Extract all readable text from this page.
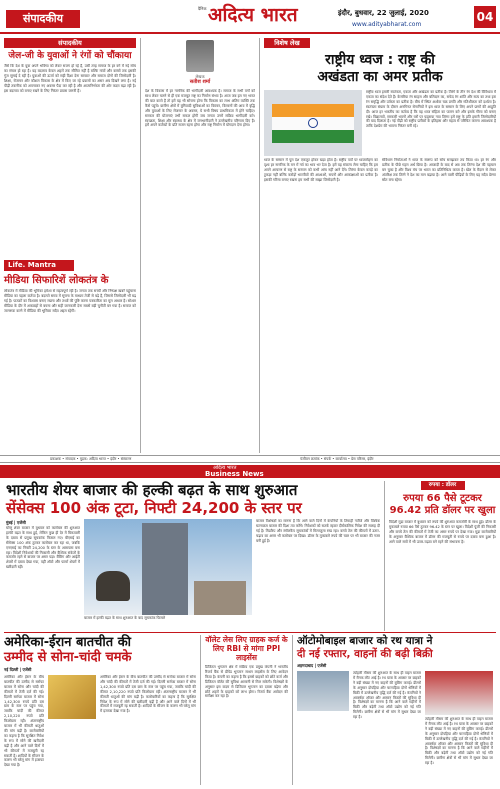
संपादकीय
दैनिक अदित्य भारत	इंदौर, बुधवार, 22 जुलाई, 2020
www.adityabharat.com
04
संपादकीय
जेल-जी के युवाओं ने रंगों को चौंकाया
जैसे कि देश के युवा अपने भविष्य को लेकर सजग हो रहे हैं, उसी तरह समाज के हर वर्ग में नई सोच का संचार हो रहा है। यह बदलाव केवल शहरों तक सीमित नहीं है बल्कि गांवों और कस्बों तक इसकी गूंज सुनाई दे रही है। युवाओं की ऊर्जा को सही दिशा देना सरकार और समाज दोनों की जिम्मेदारी है। शिक्षा, रोजगार और कौशल विकास के क्षेत्र में किए जा रहे प्रयासों का असर अब दिखने लगा है। नई पीढ़ी तकनीक को अपनाकर नए अवसर पैदा कर रही है और आत्मनिर्भरता की ओर कदम बढ़ा रही है। इस बदलाव को बनाए रखने के लिए निरंतर प्रयास जरूरी हैं।
Life. Mantra
मीडिया सिफारिशें लोकतंत्र के
लोकतंत्र में मीडिया की भूमिका हमेशा से महत्वपूर्ण रही है। जनता तक सच्ची और निष्पक्ष खबरें पहुंचाना मीडिया का पहला कर्तव्य है। बदलते समय में सूचना के माध्यम तेजी से बढ़े हैं, जिससे जिम्मेदारी भी बढ़ गई है। पाठकों का विश्वास बनाए रखना और तथ्यों की पुष्टि करना पत्रकारिता का मूल आधार है। सोशल मीडिया के दौर में अफवाहों से बचना और सही जानकारी देना सबसे बड़ी चुनौती बन गया है। समाज को जागरूक करने में मीडिया की भूमिका सदैव अहम रहेगी।
लेखक
सतीश शर्मा
देश के विकास में हर नागरिक की भागीदारी आवश्यक है। समाज के सभी वर्गों को साथ लेकर चलने से ही एक मजबूत राष्ट्र का निर्माण संभव है। आज जब हम नए भारत की बात करते हैं तो हमें यह भी सोचना होगा कि विकास का लाभ अंतिम व्यक्ति तक कैसे पहुंचे। ग्रामीण क्षेत्रों में बुनियादी सुविधाओं का विस्तार, किसानों की आय में वृद्धि और युवाओं के लिए रोजगार के अवसर, ये सभी विषय प्राथमिकता में होने चाहिए। सरकार की योजनाएं तभी सफल होंगी जब जनता उनमें सक्रिय भागीदारी करे। स्वच्छता, शिक्षा और स्वास्थ्य के क्षेत्र में जनभागीदारी ने उल्लेखनीय परिणाम दिए हैं। हमें अपने कर्तव्यों के प्रति सजग रहना होगा और राष्ट्र निर्माण में योगदान देना होगा।
विशेष लेख
राष्ट्रीय ध्वज : राष्ट्र की
अखंडता का अमर प्रतीक
राष्ट्रीय ध्वज हमारी स्वतंत्रता, एकता और अखंडता का प्रतीक है। तिरंगे के तीन रंग देश की विविधता में एकता का संदेश देते हैं। केसरिया रंग साहस और बलिदान का, सफेद रंग शांति और सत्य का तथा हरा रंग समृद्धि और उर्वरता का प्रतीक है। बीच में स्थित अशोक चक्र प्रगति और गतिशीलता को दर्शाता है। स्वतंत्रता संग्राम के दौरान अनगिनत सेनानियों ने इस ध्वज के सम्मान के लिए अपने प्राणों की आहुति दी। आज हर भारतीय का कर्तव्य है कि वह ध्वज संहिता का पालन करे और इसके गौरव को बनाए रखे। विद्यालयों, सरकारी भवनों और घरों पर फहराया गया तिरंगा हमें राष्ट्र के प्रति हमारी जिम्मेदारियों की याद दिलाता है। नई पीढ़ी को राष्ट्रीय प्रतीकों के इतिहास और महत्व से परिचित कराना आवश्यक है ताकि देशप्रेम की भावना निरंतर बनी रहे।
ध्वज के सम्मान में पूरा देश एकजुट होकर खड़ा होता है। राष्ट्रीय पर्वों पर ध्वजारोहण का दृश्य हर नागरिक के मन में गर्व का भाव भर देता है। हमें यह संकल्प लेना चाहिए कि हम अपने आचरण से राष्ट्र के सम्मान को कभी आंच नहीं आने देंगे। तिरंगा केवल कपड़े का टुकड़ा नहीं बल्कि करोड़ों भारतीयों की आशाओं, सपनों और आकांक्षाओं का प्रतीक है। इसकी गरिमा बनाए रखना हम सभी की साझा जिम्मेदारी है।
संविधान निर्माताओं ने ध्वज के स्वरूप को सोच समझकर तय किया था। हर रंग और प्रतीक के पीछे गहरा अर्थ छिपा है। आजादी के बाद से अब तक तिरंगा देश की पहचान बन चुका है और विश्व मंच पर भारत का प्रतिनिधित्व करता है। खेल के मैदान से लेकर अंतरिक्ष तक तिरंगे ने देश का मान बढ़ाया है। आने वाली पीढ़ियों के लिए यह सदैव प्रेरणा स्रोत बना रहेगा।
प्रकाशक • संपादक • मुद्रक: अदित्य भारत • इंदौर • संस्करण	पंजीयन क्रमांक • संपर्क • कार्यालय • प्रेस परिसर, इंदौर
अदित्य भारत
Business News
भारतीय शेयर बाजार की हल्की बढ़त के साथ शुरुआत
सेंसेक्स 100 अंक टूटा, निफ्टी 24,200 के स्तर पर
मुंबई | एजेंसी
घरेलू शेयर बाजार में बुधवार को कारोबार की शुरुआत हल्की बढ़त के साथ हुई, लेकिन कुछ ही देर में बिकवाली के दबाव से प्रमुख सूचकांक फिसल गए। बीएसई का सेंसेक्स 100 अंक टूटकर कारोबार कर रहा था, जबकि एनएसई का निफ्टी 24,200 के स्तर के आसपास बना रहा। विदेशी निवेशकों की निकासी और वैश्विक संकेतों के कमजोर रहने से बाजार पर असर पड़ा। बैंकिंग और आईटी शेयरों में दबाव देखा गया, वहीं ऑटो और फार्मा शेयरों में खरीदारी रही।
बाजार में हल्की बढ़त के साथ शुरुआत के बाद सूचकांक फिसले
बाजार विशेषज्ञों का मानना है कि आने वाले दिनों में कंपनियों के तिमाही नतीजे और वैश्विक घटनाक्रम बाजार की दिशा तय करेंगे। निवेशकों को सतर्क रहकर दीर्घकालिक निवेश की सलाह दी गई है। मिडकैप और स्मॉलकैप सूचकांकों में मिलाजुला रुख रहा। कच्चे तेल की कीमतों में उतार-चढ़ाव का असर भी कारोबार पर दिखा। डॉलर के मुकाबले रुपये की चाल पर भी बाजार की नजर बनी हुई है।
रुपया : डॉलर
रुपया 66 पैसे टूटकर 96.42 प्रति डॉलर पर खुला
विदेशी मुद्रा बाजार में बुधवार को रुपये की शुरुआत कमजोरी के साथ हुई। डॉलर के मुकाबले रुपया 66 पैसे टूटकर 96.42 के स्तर पर खुला। विदेशी पूंजी की निकासी और कच्चे तेल की कीमतों में तेजी का असर रुपये पर देखा गया। मुद्रा कारोबारियों के अनुसार वैश्विक बाजार में डॉलर की मजबूती से रुपये पर दबाव बना हुआ है। आने वाले सत्रों में भी उतार-चढ़ाव बने रहने की संभावना है।
अमेरिका-ईरान बातचीत की
उम्मीद से सोना-चांदी चमके
नई दिल्ली | एजेंसी
अमेरिका और ईरान के बीच बातचीत की उम्मीद से सर्राफा बाजार में सोना और चांदी की कीमतों में तेजी दर्ज की गई। दिल्ली सर्राफा बाजार में सोना 1,42,300 रुपये प्रति दस ग्राम के स्तर पर पहुंच गया, जबकि चांदी की कीमत 2,10,220 रुपये प्रति किलोग्राम रही। अंतरराष्ट्रीय बाजार में भी कीमती धातुओं की मांग बढ़ी है। कारोबारियों का कहना है कि सुरक्षित निवेश के रूप में सोने की खरीदारी बढ़ी है और आने वाले दिनों में भी कीमतों में मजबूती रह सकती है। शादियों के सीजन के कारण भी घरेलू मांग में इजाफा देखा गया है।
अमेरिका और ईरान के बीच बातचीत की उम्मीद से सर्राफा बाजार में सोना और चांदी की कीमतों में तेजी दर्ज की गई। दिल्ली सर्राफा बाजार में सोना 1,42,300 रुपये प्रति दस ग्राम के स्तर पर पहुंच गया, जबकि चांदी की कीमत 2,10,220 रुपये प्रति किलोग्राम रही। अंतरराष्ट्रीय बाजार में भी कीमती धातुओं की मांग बढ़ी है। कारोबारियों का कहना है कि सुरक्षित निवेश के रूप में सोने की खरीदारी बढ़ी है और आने वाले दिनों में भी कीमतों में मजबूती रह सकती है। शादियों के सीजन के कारण भी घरेलू मांग में इजाफा देखा गया है।
वॉलेट लेस लिए ग्राहक कर्ज के लिए RBI से मांगा PPI लाइसेंस
डिजिटल भुगतान क्षेत्र में सक्रिय एक प्रमुख कंपनी ने भारतीय रिजर्व बैंक से प्रीपेड भुगतान साधन लाइसेंस के लिए आवेदन किया है। कंपनी का कहना है कि इससे ग्राहकों को छोटे कर्ज और डिजिटल वॉलेट की सुविधा आसानी से मिल सकेगी। विशेषज्ञों के अनुसार इस कदम से डिजिटल भुगतान का दायरा बढ़ेगा और छोटे शहरों के ग्राहकों को लाभ होगा। रिजर्व बैंक आवेदन की समीक्षा कर रहा है।
ऑटोमोबाइल बाजार को रथ यात्रा ने
दी नई रफ्तार, वाहनों की बढ़ी बिक्री
अहमदाबाद | एजेंसी
त्योहारी मौसम की शुरुआत के साथ ही वाहन बाजार में रौनक लौट आई है। रथ यात्रा के अवसर पर ग्राहकों ने बड़ी संख्या में नए वाहनों की बुकिंग कराई। डीलरों के अनुसार दोपहिया और चारपहिया दोनों श्रेणियों में बिक्री में उल्लेखनीय वृद्धि दर्ज की गई है। कंपनियों ने आकर्षक ऑफर और आसान किस्तों की सुविधा दी है। विशेषज्ञों का मानना है कि आने वाले महीनों में बिक्री और बढ़ेगी तथा ऑटो उद्योग को नई गति मिलेगी। ग्रामीण क्षेत्रों से भी मांग में सुधार देखा जा रहा है।	त्योहारी मौसम की शुरुआत के साथ ही वाहन बाजार में रौनक लौट आई है। रथ यात्रा के अवसर पर ग्राहकों ने बड़ी संख्या में नए वाहनों की बुकिंग कराई। डीलरों के अनुसार दोपहिया और चारपहिया दोनों श्रेणियों में बिक्री में उल्लेखनीय वृद्धि दर्ज की गई है। कंपनियों ने आकर्षक ऑफर और आसान किस्तों की सुविधा दी है। विशेषज्ञों का मानना है कि आने वाले महीनों में बिक्री और बढ़ेगी तथा ऑटो उद्योग को नई गति मिलेगी। ग्रामीण क्षेत्रों से भी मांग में सुधार देखा जा रहा है।
